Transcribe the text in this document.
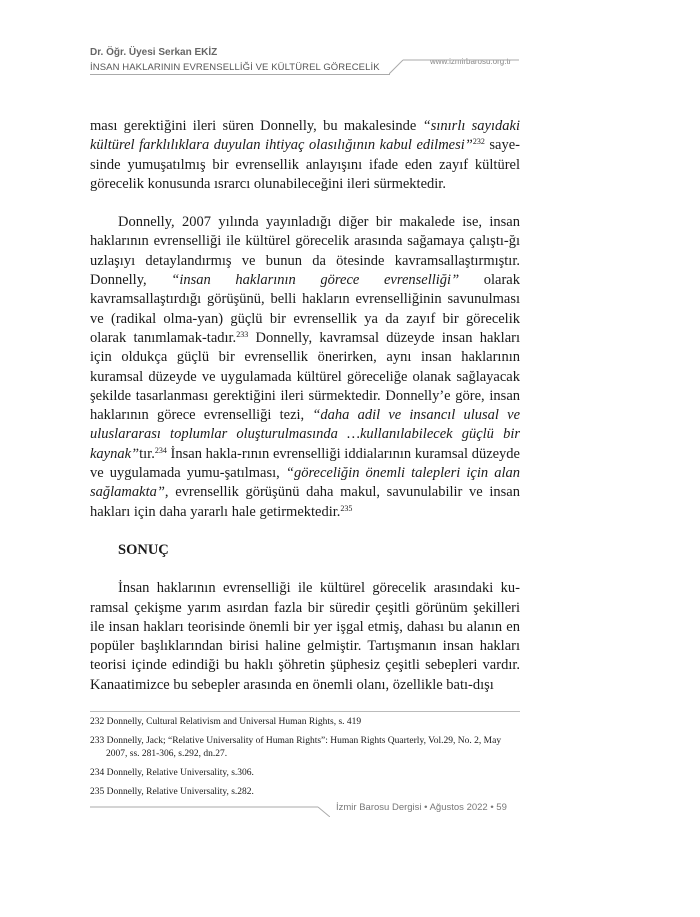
Dr. Öğr. Üyesi Serkan EKİZ
İNSAN HAKLARININ EVRENSELLİĞİ VE KÜLTÜREL GÖRECELİK
www.izmirbarosu.org.tr

ması gerektiğini ileri süren Donnelly, bu makalesinde “sınırlı sayıdaki kültürel farklılıklara duyulan ihtiyaç olasılığının kabul edilmesi”$^{232}$ saye-sinde yumuşatılmış bir evrensellik anlayışını ifade eden zayıf kültürel görecelik konusunda ısrarcı olunabileceğini ileri sürmektedir.

Donnelly, 2007 yılında yayınladığı diğer bir makalede ise, insan haklarının evrenselliği ile kültürel görecelik arasında sağamaya çalıştı-ğı uzlaşıyı detaylandırmış ve bunun da ötesinde kavramsallaştırmıştır. Donnelly, “insan haklarının görece evrenselliği” olarak kavramsallaştırdığı görüşünü, belli hakların evrenselliğinin savunulması ve (radikal olma-yan) güçlü bir evrensellik ya da zayıf bir görecelik olarak tanımlamak-tadır.$^{233}$ Donnelly, kavramsal düzeyde insan hakları için oldukça güçlü bir evrensellik önerirken, aynı insan haklarının kuramsal düzeyde ve uygulamada kültürel göreceliğe olanak sağlayacak şekilde tasarlanması gerektiğini ileri sürmektedir. Donnelly’e göre, insan haklarının görece evrenselliği tezi, “daha adil ve insancıl ulusal ve uluslararası toplumlar oluşturulmasında …kullanılabilecek güçlü bir kaynak”tır.$^{234}$ İnsan hakla-rının evrenselliği iddialarının kuramsal düzeyde ve uygulamada yumu-şatılması, “göreceliğin önemli talepleri için alan sağlamakta”, evrensellik görüşünü daha makul, savunulabilir ve insan hakları için daha yararlı hale getirmektedir.$^{235}$

SONUÇ

İnsan haklarının evrenselliği ile kültürel görecelik arasındaki ku-ramsal çekişme yarım asırdan fazla bir süredir çeşitli görünüm şekilleri ile insan hakları teorisinde önemli bir yer işgal etmiş, dahası bu alanın en popüler başlıklarından birisi haline gelmiştir. Tartışmanın insan hakları teorisi içinde edindiği bu haklı şöhretin şüphesiz çeşitli sebepleri vardır. Kanaatimizce bu sebepler arasında en önemli olanı, özellikle batı-dışı

232 Donnelly, Cultural Relativism and Universal Human Rights, s. 419

233 Donnelly, Jack; “Relative Universality of Human Rights”: Human Rights Quarterly, Vol.29, No. 2, May 2007, ss. 281-306, s.292, dn.27.

234 Donnelly, Relative Universality, s.306.

235 Donnelly, Relative Universality, s.282.

İzmir Barosu Dergisi • Ağustos 2022 • 59
